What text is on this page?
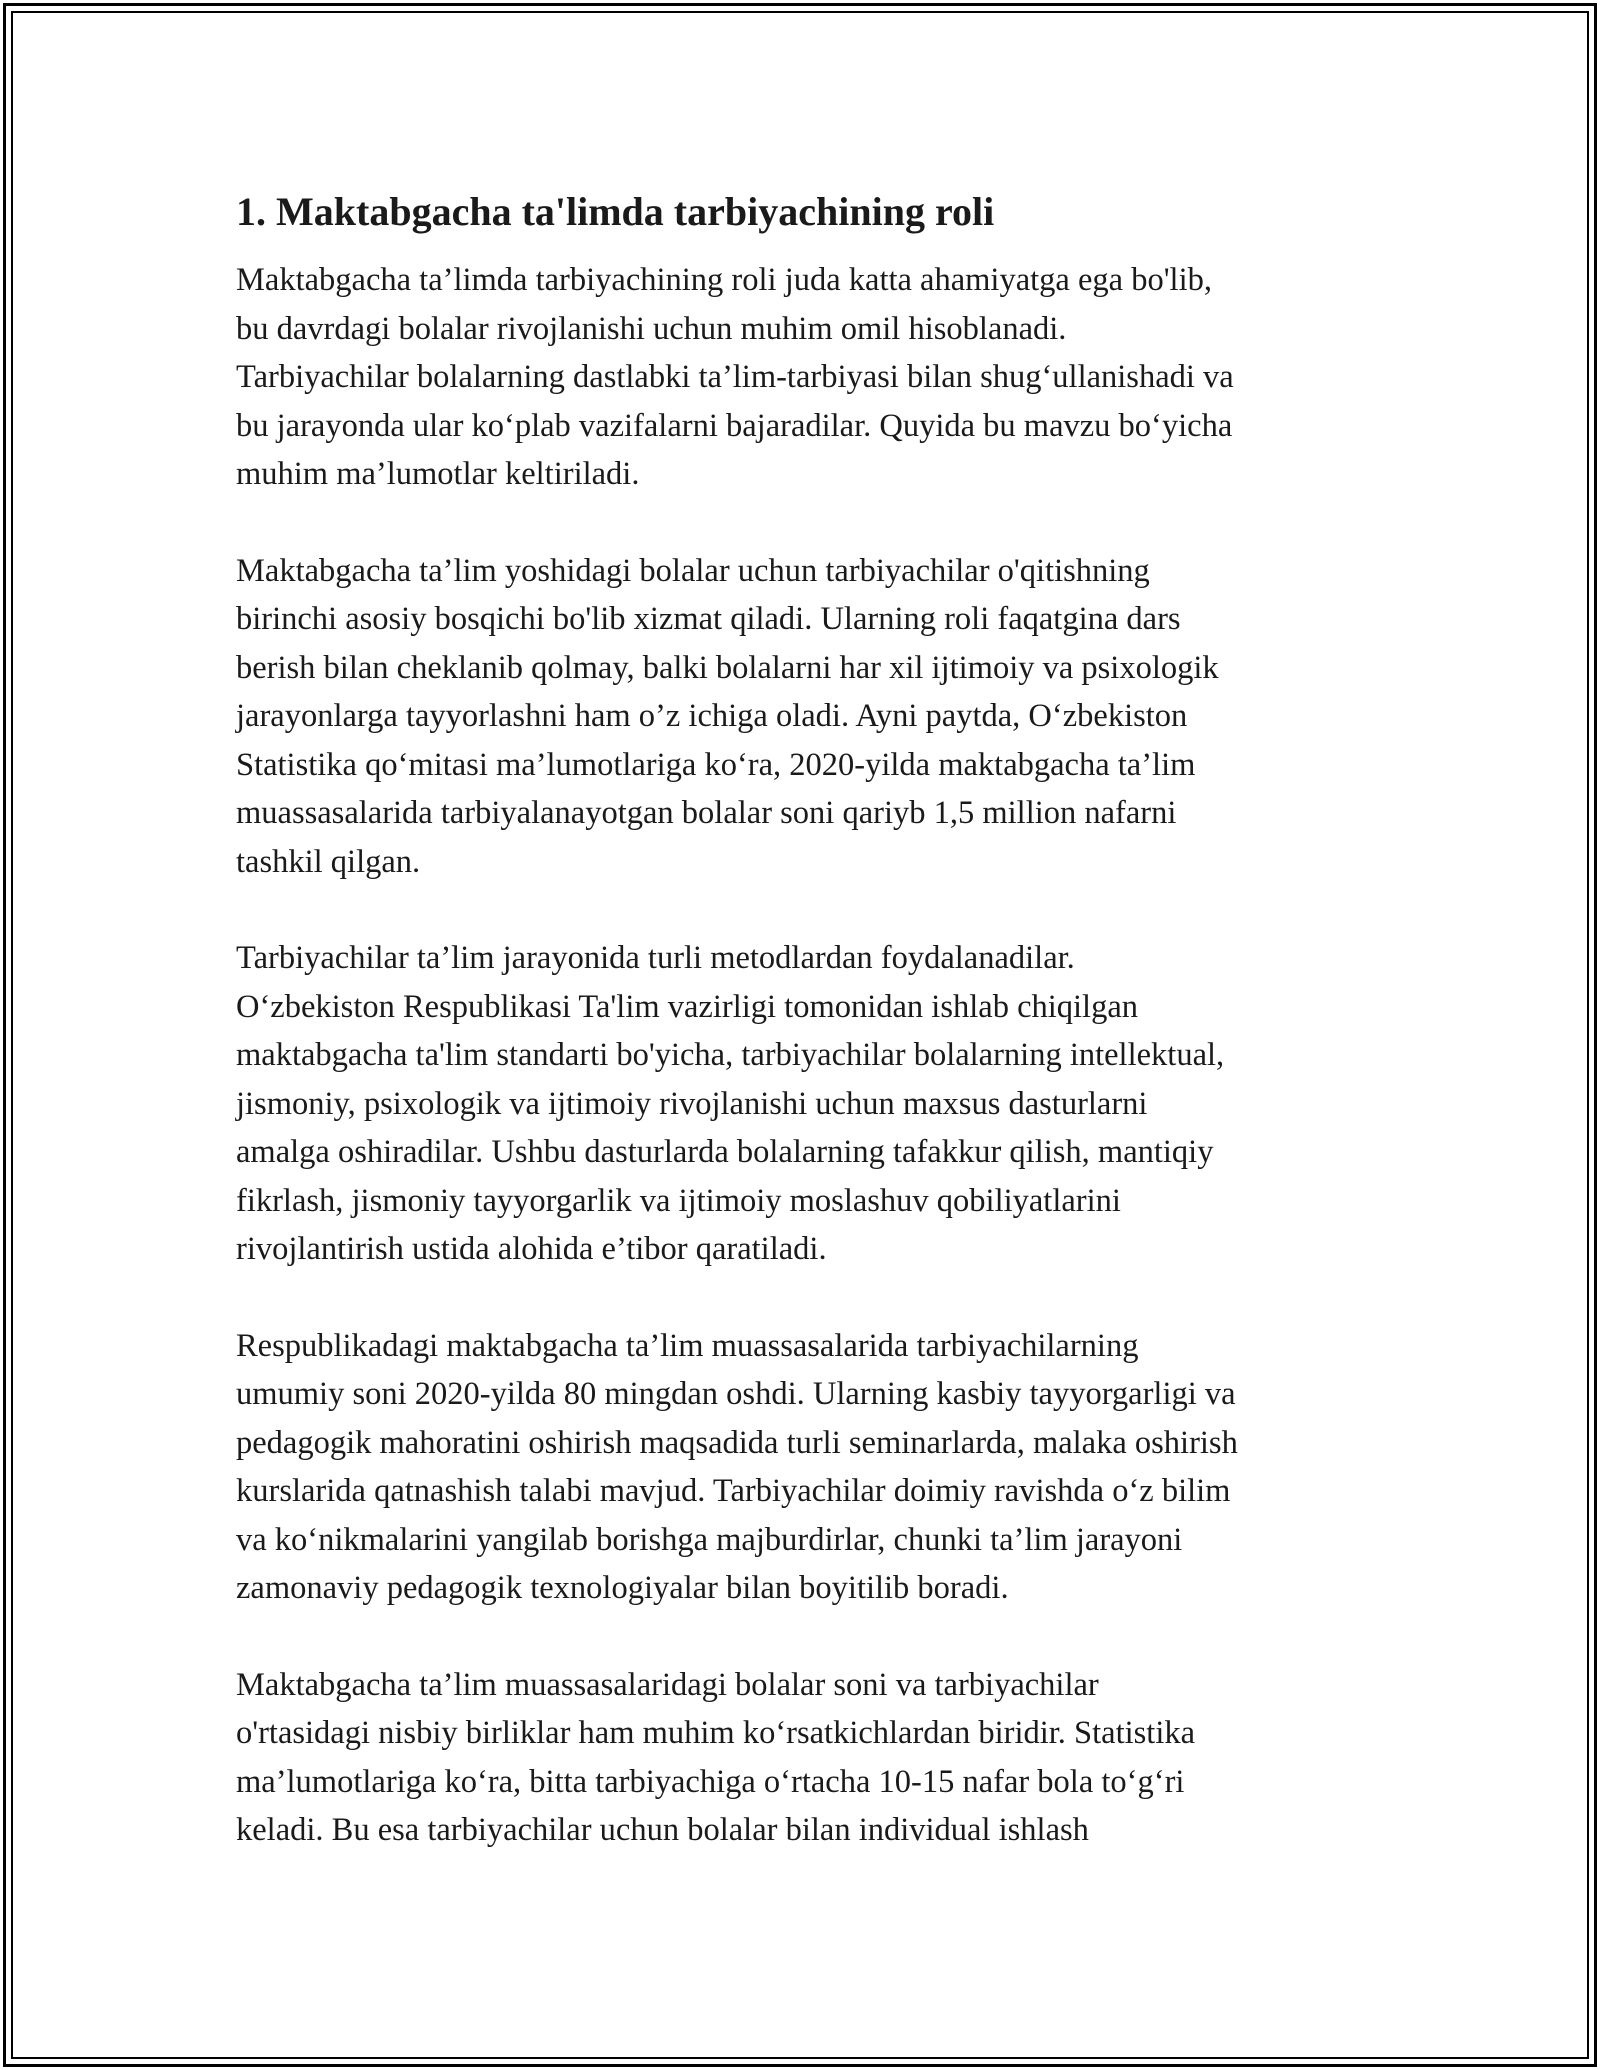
1. Maktabgacha ta'limda tarbiyachining roli

Maktabgacha ta’limda tarbiyachining roli juda katta ahamiyatga ega bo'lib,
bu davrdagi bolalar rivojlanishi uchun muhim omil hisoblanadi.
Tarbiyachilar bolalarning dastlabki ta’lim-tarbiyasi bilan shug‘ullanishadi va
bu jarayonda ular ko‘plab vazifalarni bajaradilar. Quyida bu mavzu bo‘yicha
muhim ma’lumotlar keltiriladi.

Maktabgacha ta’lim yoshidagi bolalar uchun tarbiyachilar o'qitishning
birinchi asosiy bosqichi bo'lib xizmat qiladi. Ularning roli faqatgina dars
berish bilan cheklanib qolmay, balki bolalarni har xil ijtimoiy va psixologik
jarayonlarga tayyorlashni ham o’z ichiga oladi. Ayni paytda, O‘zbekiston
Statistika qo‘mitasi ma’lumotlariga ko‘ra, 2020-yilda maktabgacha ta’lim
muassasalarida tarbiyalanayotgan bolalar soni qariyb 1,5 million nafarni
tashkil qilgan.

Tarbiyachilar ta’lim jarayonida turli metodlardan foydalanadilar.
O‘zbekiston Respublikasi Ta'lim vazirligi tomonidan ishlab chiqilgan
maktabgacha ta'lim standarti bo'yicha, tarbiyachilar bolalarning intellektual,
jismoniy, psixologik va ijtimoiy rivojlanishi uchun maxsus dasturlarni
amalga oshiradilar. Ushbu dasturlarda bolalarning tafakkur qilish, mantiqiy
fikrlash, jismoniy tayyorgarlik va ijtimoiy moslashuv qobiliyatlarini
rivojlantirish ustida alohida e’tibor qaratiladi.

Respublikadagi maktabgacha ta’lim muassasalarida tarbiyachilarning
umumiy soni 2020-yilda 80 mingdan oshdi. Ularning kasbiy tayyorgarligi va
pedagogik mahoratini oshirish maqsadida turli seminarlarda, malaka oshirish
kurslarida qatnashish talabi mavjud. Tarbiyachilar doimiy ravishda o‘z bilim
va ko‘nikmalarini yangilab borishga majburdirlar, chunki ta’lim jarayoni
zamonaviy pedagogik texnologiyalar bilan boyitilib boradi.

Maktabgacha ta’lim muassasalaridagi bolalar soni va tarbiyachilar
o'rtasidagi nisbiy birliklar ham muhim ko‘rsatkichlardan biridir. Statistika
ma’lumotlariga ko‘ra, bitta tarbiyachiga o‘rtacha 10-15 nafar bola to‘g‘ri
keladi. Bu esa tarbiyachilar uchun bolalar bilan individual ishlash
